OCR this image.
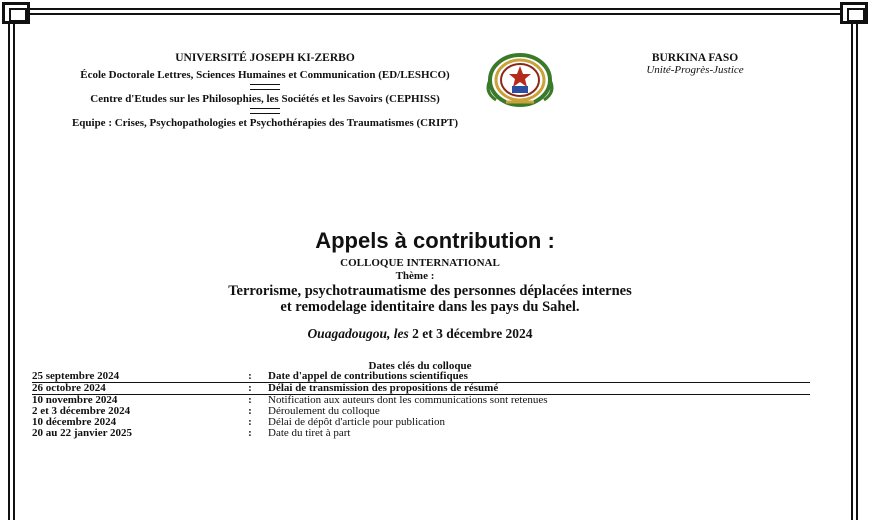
UNIVERSITÉ JOSEPH KI-ZERBO
École Doctorale Lettres, Sciences Humaines et Communication (ED/LESHCO)
Centre d'Etudes sur les Philosophies, les Sociétés et les Savoirs (CEPHISS)
Equipe : Crises, Psychopathologies et Psychothérapies des Traumatismes (CRIPT)
BURKINA FASO
Unité-Progrès-Justice
Appels à contribution :
COLLOQUE INTERNATIONAL
Thème :
Terrorisme, psychotraumatisme des personnes déplacées internes
et remodelage identitaire dans les pays du Sahel.
Ouagadougou, les 2 et 3 décembre 2024
Dates clés du colloque
25 septembre 2024	:	Date d'appel de contributions scientifiques
26 octobre 2024	:	Délai de transmission des propositions de résumé
10 novembre 2024	:	Notification aux auteurs dont les communications sont retenues
2 et 3 décembre 2024	:	Déroulement du colloque
10 décembre 2024	:	Délai de dépôt d'article pour publication
20 au 22 janvier 2025	:	Date du tiret à part
